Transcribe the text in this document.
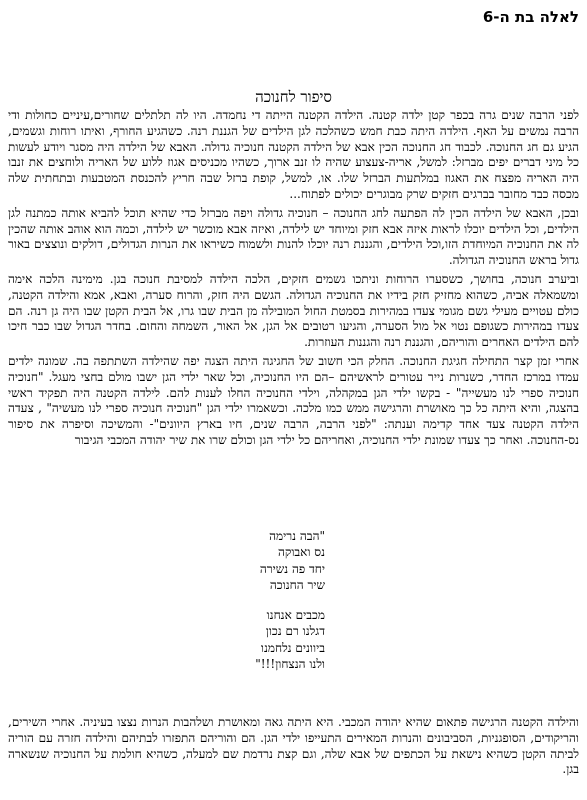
לאלה בת ה-6
סיפור לחנוכה

לפני הרבה שנים גרה בכפר קטן ילדה קטנה. הילדה הקטנה הייתה די נחמדה. היו לה תלתלים שחורים,עיניים כחולות ודי הרבה נמשים על האף. הילדה היתה כבת חמש כשהלכה לגן הילדים של הגננת רנה. כשהגיע החורף, ואיתו רוחות וגשמים, הגיע גם חג החנוכה. לכבוד חג החנוכה הכין אבא של הילדה הקטנה חנוכיה גדולה. האבא של הילדה היה מסגר ויודע לעשות כל מיני דברים יפים מברזל: למשל, אריה-צעצוע שהיה לו זנב ארוך, כשהיו מכניסים אגוז ללוע של האריה ולוחצים את זנבו היה האריה מפצח את האגוז במלתעות הברזל שלו. או, למשל, קופת ברזל שבה חריץ להכנסת המטבעות ובתחתית שלה מכסה כבד מחובר בברגים חזקים שרק מבוגרים יכולים לפתוח...

ובכן, האבא של הילדה הכין לה הפתעה לחג החנוכה – חנוכיה גדולה ויפה מברזל כדי שהיא תוכל להביא אותה כמתנה לגן הילדים, וכל הילדים יוכלו לראות איזה אבא חזק ומיוחד יש לילדה, ואיזה אבא מוכשר יש לילדה, וכמה הוא אוהב אותה שהכין לה את החנוכיה המיוחדת הזו,וכל הילדים, והגננת רנה יוכלו להנות ולשמוח כשיראו את הנרות הגדולים, דולקים ונוצצים באור גדול בראש החנוכיה הגדולה.

וביערב חנוכה, בחושך, כשסערו הרוחות וניתכו גשמים חזקים, הלכה הילדה למסיבת חנוכה בגן. מימינה הלכה אימה ומשמאלה אביה, כשהוא מחזיק חזק בידיו את החנוכיה הגדולה. הגשם היה חזק, והרוח סערה, ואבא, אמא והילדה הקטנה, כולם עטויים מעילי גשם מגומי צעדו במהירות בסמטת החול המובילה מן הבית שבו גרו, אל הבית הקטן שבו היה גן רנה. הם צעדו במהירות כשגופם נטוי אל מול הסערה, והגיעו רטובים אל הגן, אל האור, השמחה והחום. בחדר הגדול שבו כבר חיכו להם הילדים האחרים והוריהם, והגננת רנה והגננות העוזרות.

אחרי זמן קצר התחילה חגיגת החנוכה. החלק הכי חשוב של החגיגה היתה הצגה יפה שהילדה השתתפה בה. שמונה ילדים עמדו במרכז החדר, כשנרות נייר עטורים לראשיהם –הם היו החנוכיה, וכל שאר ילדי הגן ישבו מולם בחצי מעגל. "חנוכיה חנוכיה ספרי לנו מעשייה" - בקשו ילדי הגן במקהלה, וילדי החנוכיה החלו לענות להם. לילדה הקטנה היה תפקיד ראשי בהצגה, והיא היתה כל כך מאושרת והרגישה ממש כמו מלכה. וכשאמרו ילדי הגן "חנוכיה חנוכיה ספרי לנו מעשיה" , צעדה הילדה הקטנה צעד אחד קדימה וענתה: "לפני הרבה, הרבה שנים, חיו בארץ היוונים"- והמשיכה וסיפרה את סיפור נס-החנוכה. ואחר כך צעדו שמונת ילדי החנוכיה, ואחריהם כל ילדי הגן וכולם שרו את שיר יהודה המכבי הגיבור

"הבה נרימה
נס ואבוקה
יחד פה נשירה
שיר החנוכה
מכבים אנחנו
דגלנו רם נכון
ביוונים נלחמנו
ולנו הנצחון!!!"

והילדה הקטנה הרגישה פתאום שהיא יהודה המכבי. היא היתה גאה ומאושרת ושלהבות הנרות נצצו בעיניה. אחרי השירים, והריקודים, הסופגניות, הסביבונים והנרות המאירים התעייפו ילדי הגן. הם והוריהם התפזרו לבתיהם והילדה חזרה עם הוריה לביתה הקטן כשהיא נישאת על הכתפים של אבא שלה, וגם קצת נרדמת שם למעלה, כשהיא חולמת על החנוכיה שנשארה בגן.
